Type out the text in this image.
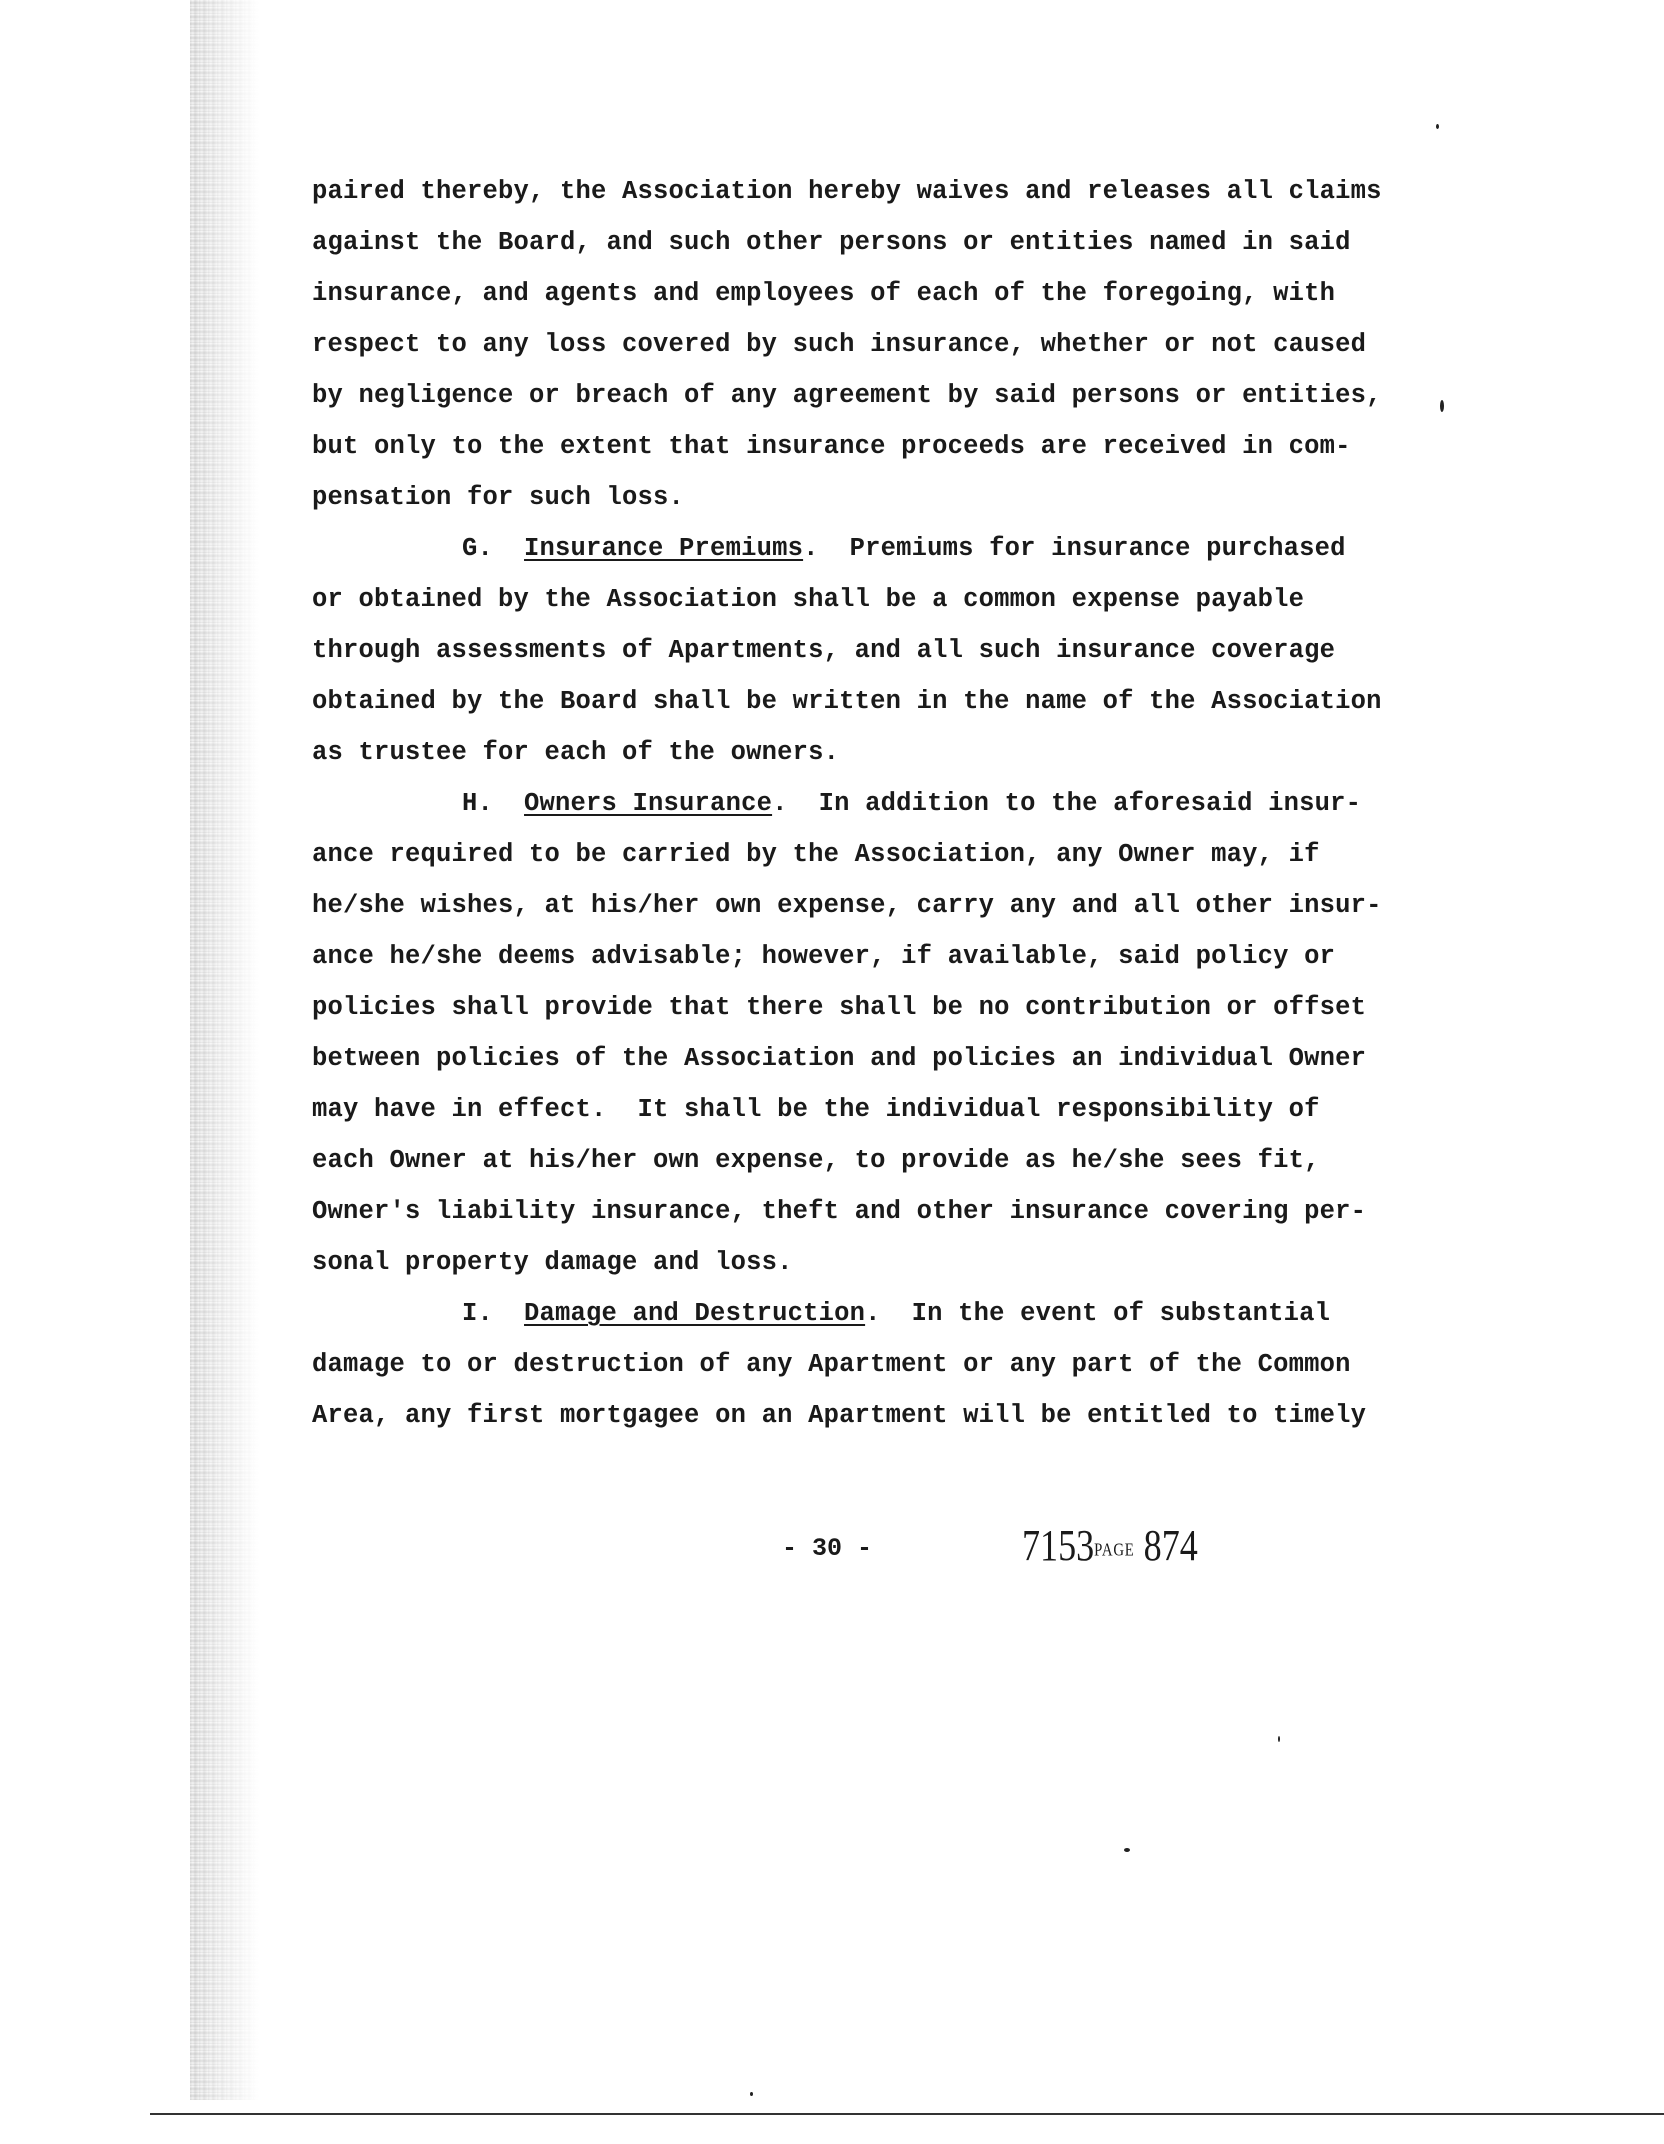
paired thereby, the Association hereby waives and releases all claims
against the Board, and such other persons or entities named in said
insurance, and agents and employees of each of the foregoing, with
respect to any loss covered by such insurance, whether or not caused
by negligence or breach of any agreement by said persons or entities,
but only to the extent that insurance proceeds are received in com-
pensation for such loss.
G. Insurance Premiums.  Premiums for insurance purchased
or obtained by the Association shall be a common expense payable
through assessments of Apartments, and all such insurance coverage
obtained by the Board shall be written in the name of the Association
as trustee for each of the owners.
H. Owners Insurance.  In addition to the aforesaid insur-
ance required to be carried by the Association, any Owner may, if
he/she wishes, at his/her own expense, carry any and all other insur-
ance he/she deems advisable; however, if available, said policy or
policies shall provide that there shall be no contribution or offset
between policies of the Association and policies an individual Owner
may have in effect.  It shall be the individual responsibility of
each Owner at his/her own expense, to provide as he/she sees fit,
Owner's liability insurance, theft and other insurance covering per-
sonal property damage and loss.
I. Damage and Destruction.  In the event of substantial
damage to or destruction of any Apartment or any part of the Common
Area, any first mortgagee on an Apartment will be entitled to timely
- 30 -	7153PAGE 874
